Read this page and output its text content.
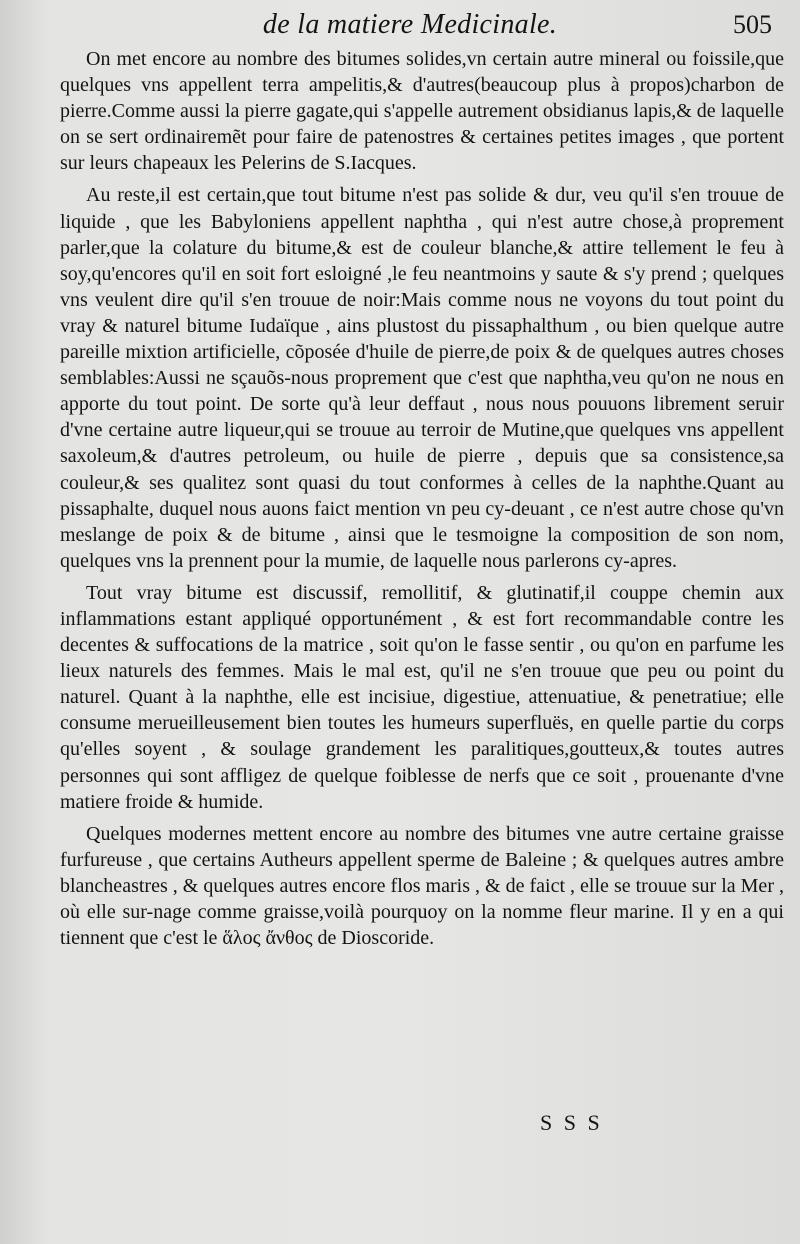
de la matiere Medicinale.	505

On met encore au nombre des bitumes solides,vn certain autre mineral ou foissile,que quelques vns appellent terra ampelitis,& d'autres(beaucoup plus à propos)charbon de pierre.Comme aussi la pierre gagate,qui s'appelle autrement obsidianus lapis,& de laquelle on se sert ordinairemẽt pour faire de patenostres & certaines petites images , que portent sur leurs chapeaux les Pelerins de S.Iacques.

Au reste,il est certain,que tout bitume n'est pas solide & dur, veu qu'il s'en trouue de liquide , que les Babyloniens appellent naphtha , qui n'est autre chose,à proprement parler,que la colature du bitume,& est de couleur blanche,& attire tellement le feu à soy,qu'encores qu'il en soit fort esloigné ,le feu neantmoins y saute & s'y prend ; quelques vns veulent dire qu'il s'en trouue de noir:Mais comme nous ne voyons du tout point du vray & naturel bitume Iudaïque , ains plustost du pissaphalthum , ou bien quelque autre pareille mixtion artificielle, cõposée d'huile de pierre,de poix & de quelques autres choses semblables:Aussi ne sçauõs-nous proprement que c'est que naphtha,veu qu'on ne nous en apporte du tout point. De sorte qu'à leur deffaut , nous nous pouuons librement seruir d'vne certaine autre liqueur,qui se trouue au terroir de Mutine,que quelques vns appellent saxoleum,& d'autres petroleum, ou huile de pierre , depuis que sa consistence,sa couleur,& ses qualitez sont quasi du tout conformes à celles de la naphthe.Quant au pissaphalte, duquel nous auons faict mention vn peu cy-deuant , ce n'est autre chose qu'vn meslange de poix & de bitume , ainsi que le tesmoigne la composition de son nom, quelques vns la prennent pour la mumie, de laquelle nous parlerons cy-apres.

Tout vray bitume est discussif, remollitif, & glutinatif,il couppe chemin aux inflammations estant appliqué opportunément , & est fort recommandable contre les decentes & suffocations de la matrice , soit qu'on le fasse sentir , ou qu'on en parfume les lieux naturels des femmes. Mais le mal est, qu'il ne s'en trouue que peu ou point du naturel. Quant à la naphthe, elle est incisiue, digestiue, attenuatiue, & penetratiue; elle consume merueilleusement bien toutes les humeurs superfluës, en quelle partie du corps qu'elles soyent , & soulage grandement les paralitiques,goutteux,& toutes autres personnes qui sont affligez de quelque foiblesse de nerfs que ce soit , prouenante d'vne matiere froide & humide.

Quelques modernes mettent encore au nombre des bitumes vne autre certaine graisse furfureuse , que certains Autheurs appellent sperme de Baleine ; & quelques autres ambre blancheastres , & quelques autres encore flos maris , & de faict , elle se trouue sur la Mer , où elle sur-nage comme graisse,voilà pourquoy on la nomme fleur marine. Il y en a qui tiennent que c'est le ἅλος ἄνθος de Dioscoride.

S S S
